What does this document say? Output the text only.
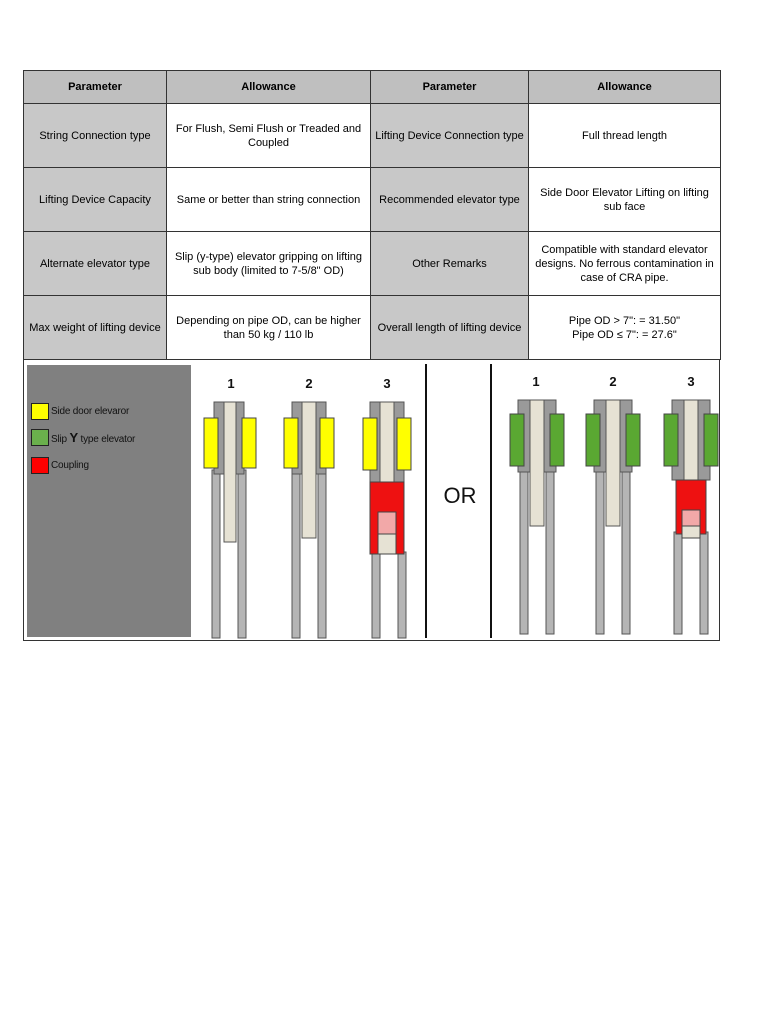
Parameter	Allowance	Parameter	Allowance
String Connection type	For Flush, Semi Flush or Treaded and Coupled	Lifting Device Connection type	Full thread length
Lifting Device Capacity	Same or better than string connection	Recommended elevator type	Side Door Elevator Lifting on lifting sub face
Alternate elevator type	Slip (y-type) elevator gripping on lifting sub body (limited to 7-5/8" OD)	Other Remarks	Compatible with standard elevator designs. No ferrous contamination in case of CRA pipe.
Max weight of lifting device	Depending on pipe OD, can be higher than 50 kg / 110 lb	Overall length of lifting device	Pipe OD > 7": = 31.50"
Pipe OD ≤ 7": = 27.6"
Side door elevaror
Slip Y type elevator
Coupling
1	2	3
OR
1	2	3
